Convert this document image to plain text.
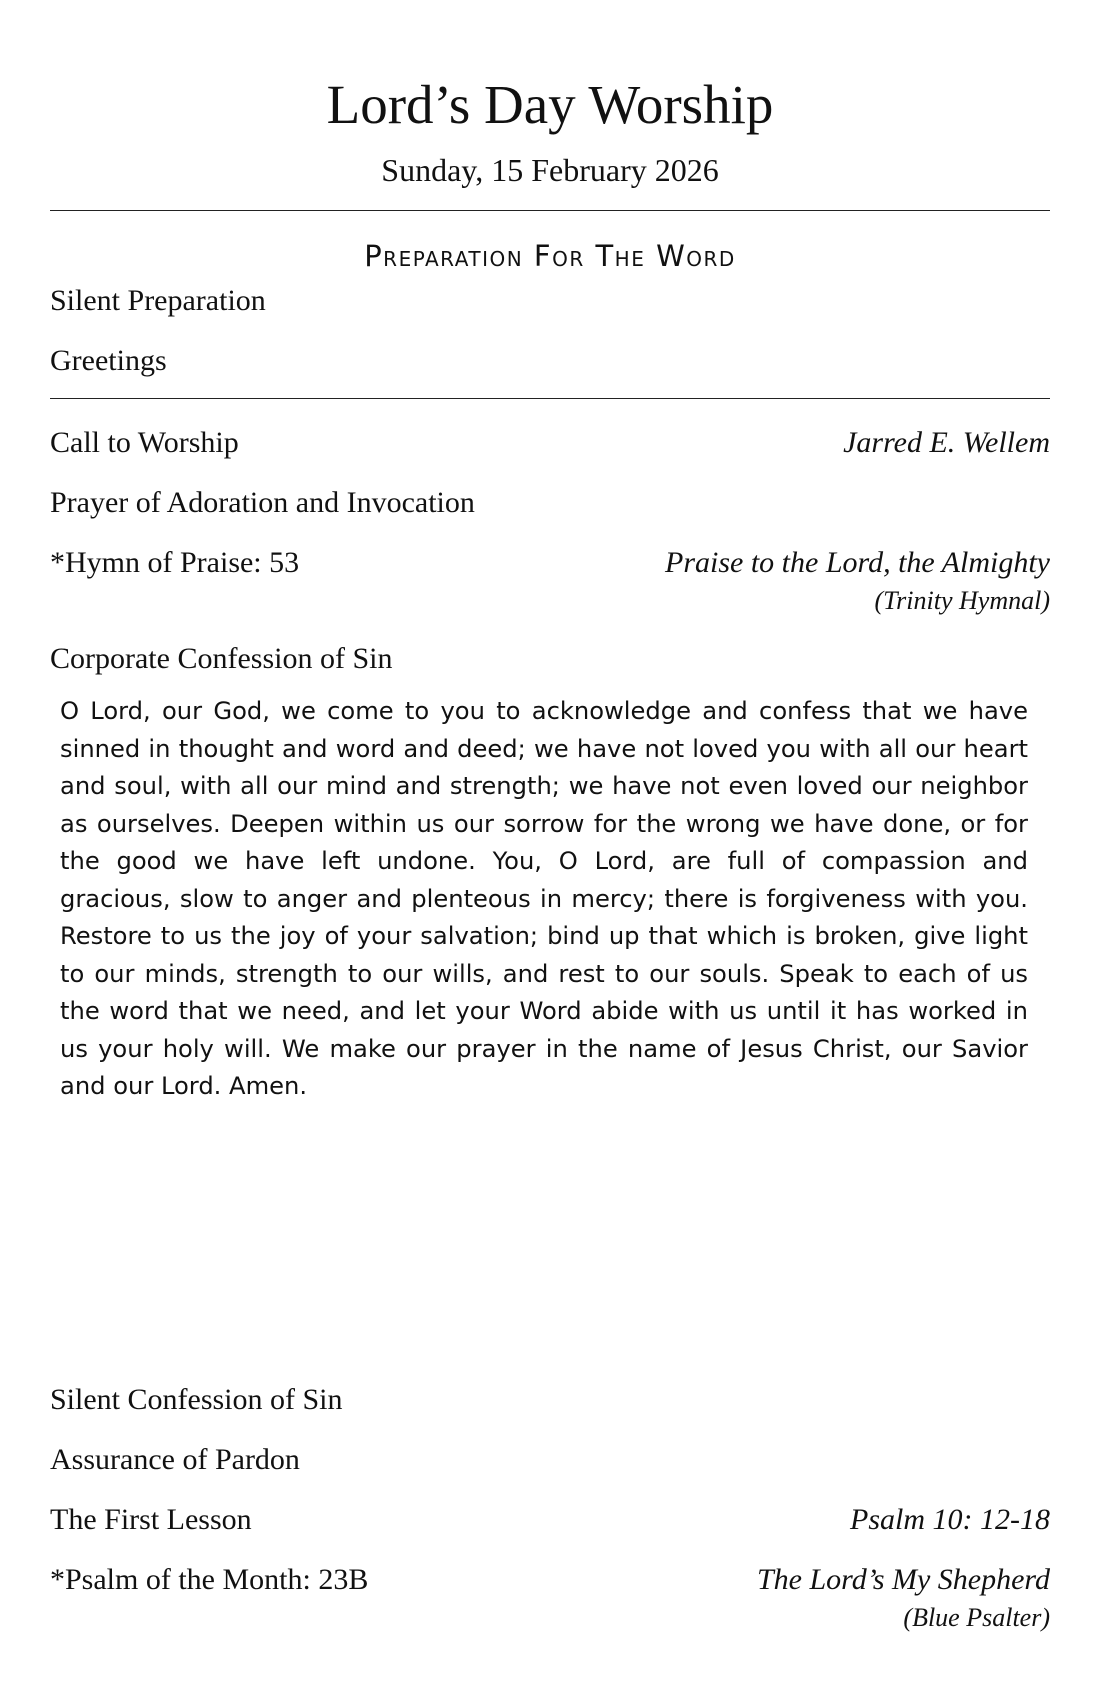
Lord’s Day Worship
Sunday, 15 February 2026
Preparation For The Word
Silent Preparation
Greetings
Call to Worship	Jarred E. Wellem
Prayer of Adoration and Invocation
*Hymn of Praise: 53	Praise to the Lord, the Almighty
(Trinity Hymnal)
Corporate Confession of Sin
O Lord, our God, we come to you to acknowledge and confess that we have sinned in thought and word and deed; we have not loved you with all our heart and soul, with all our mind and strength; we have not even loved our neighbor as ourselves. Deepen within us our sorrow for the wrong we have done, or for the good we have left undone. You, O Lord, are full of compassion and gracious, slow to anger and plenteous in mercy; there is forgiveness with you. Restore to us the joy of your salvation; bind up that which is broken, give light to our minds, strength to our wills, and rest to our souls. Speak to each of us the word that we need, and let your Word abide with us until it has worked in us your holy will. We make our prayer in the name of Jesus Christ, our Savior and our Lord. Amen.
Silent Confession of Sin
Assurance of Pardon
The First Lesson	Psalm 10: 12-18
*Psalm of the Month: 23B	The Lord’s My Shepherd
(Blue Psalter)
